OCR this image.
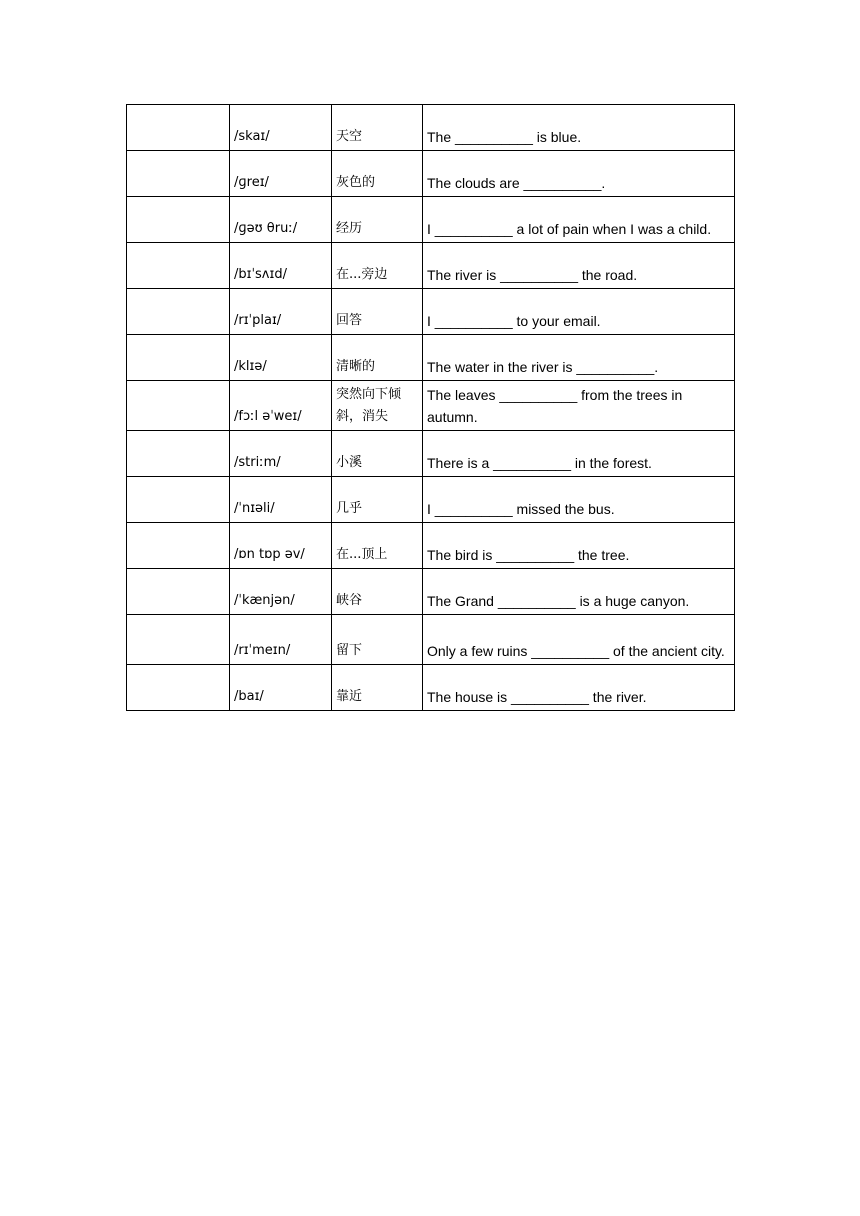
	/skaɪ/	天空	The __________ is blue.
	/ɡreɪ/	灰色的	The clouds are __________.
	/ɡəʊ θruː/	经历	I __________ a lot of pain when I was a child.
	/bɪˈsʌɪd/	在...旁边	The river is __________ the road.
	/rɪˈplaɪ/	回答	I __________ to your email.
	/klɪə/	清晰的	The water in the river is __________.
	/fɔːl əˈweɪ/	突然向下倾斜，消失	The leaves __________ from the trees in autumn.
	/striːm/	小溪	There is a __________ in the forest.
	/ˈnɪəli/	几乎	I __________ missed the bus.
	/ɒn tɒp əv/	在...顶上	The bird is __________ the tree.
	/ˈkænjən/	峡谷	The Grand __________ is a huge canyon.
	/rɪˈmeɪn/	留下	Only a few ruins __________ of the ancient city.
	/baɪ/	靠近	The house is __________ the river.
